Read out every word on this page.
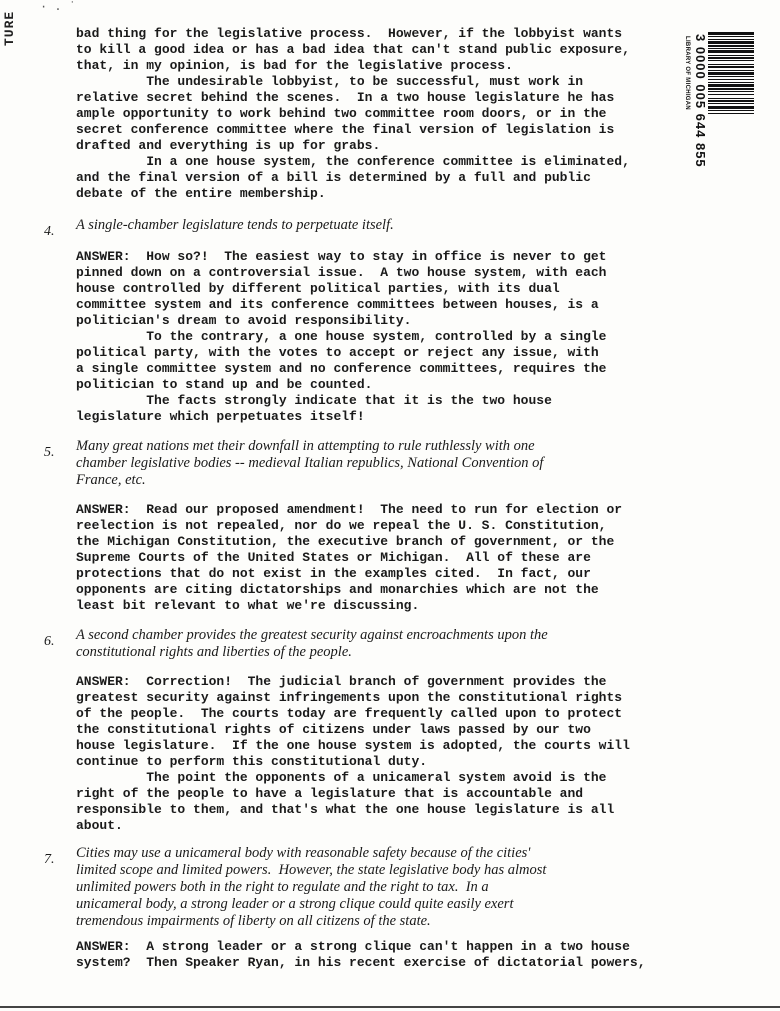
TURE
· . ˙
3 0000 005 644 855
LIBRARY OF MICHIGAN
bad thing for the legislative process.  However, if the lobbyist wants
to kill a good idea or has a bad idea that can't stand public exposure,
that, in my opinion, is bad for the legislative process.
The undesirable lobbyist, to be successful, must work in
relative secret behind the scenes.  In a two house legislature he has
ample opportunity to work behind two committee room doors, or in the
secret conference committee where the final version of legislation is
drafted and everything is up for grabs.
In a one house system, the conference committee is eliminated,
and the final version of a bill is determined by a full and public
debate of the entire membership.
4. A single-chamber legislature tends to perpetuate itself.
ANSWER:  How so?!  The easiest way to stay in office is never to get
pinned down on a controversial issue.  A two house system, with each
house controlled by different political parties, with its dual
committee system and its conference committees between houses, is a
politician's dream to avoid responsibility.
To the contrary, a one house system, controlled by a single
political party, with the votes to accept or reject any issue, with
a single committee system and no conference committees, requires the
politician to stand up and be counted.
The facts strongly indicate that it is the two house
legislature which perpetuates itself!
5. Many great nations met their downfall in attempting to rule ruthlessly with one
chamber legislative bodies -- medieval Italian republics, National Convention of
France, etc.
ANSWER:  Read our proposed amendment!  The need to run for election or
reelection is not repealed, nor do we repeal the U. S. Constitution,
the Michigan Constitution, the executive branch of government, or the
Supreme Courts of the United States or Michigan.  All of these are
protections that do not exist in the examples cited.  In fact, our
opponents are citing dictatorships and monarchies which are not the
least bit relevant to what we're discussing.
6. A second chamber provides the greatest security against encroachments upon the
constitutional rights and liberties of the people.
ANSWER:  Correction!  The judicial branch of government provides the
greatest security against infringements upon the constitutional rights
of the people.  The courts today are frequently called upon to protect
the constitutional rights of citizens under laws passed by our two
house legislature.  If the one house system is adopted, the courts will
continue to perform this constitutional duty.
The point the opponents of a unicameral system avoid is the
right of the people to have a legislature that is accountable and
responsible to them, and that's what the one house legislature is all
about.
7. Cities may use a unicameral body with reasonable safety because of the cities'
limited scope and limited powers.  However, the state legislative body has almost
unlimited powers both in the right to regulate and the right to tax.  In a
unicameral body, a strong leader or a strong clique could quite easily exert
tremendous impairments of liberty on all citizens of the state.
ANSWER:  A strong leader or a strong clique can't happen in a two house
system?  Then Speaker Ryan, in his recent exercise of dictatorial powers,
